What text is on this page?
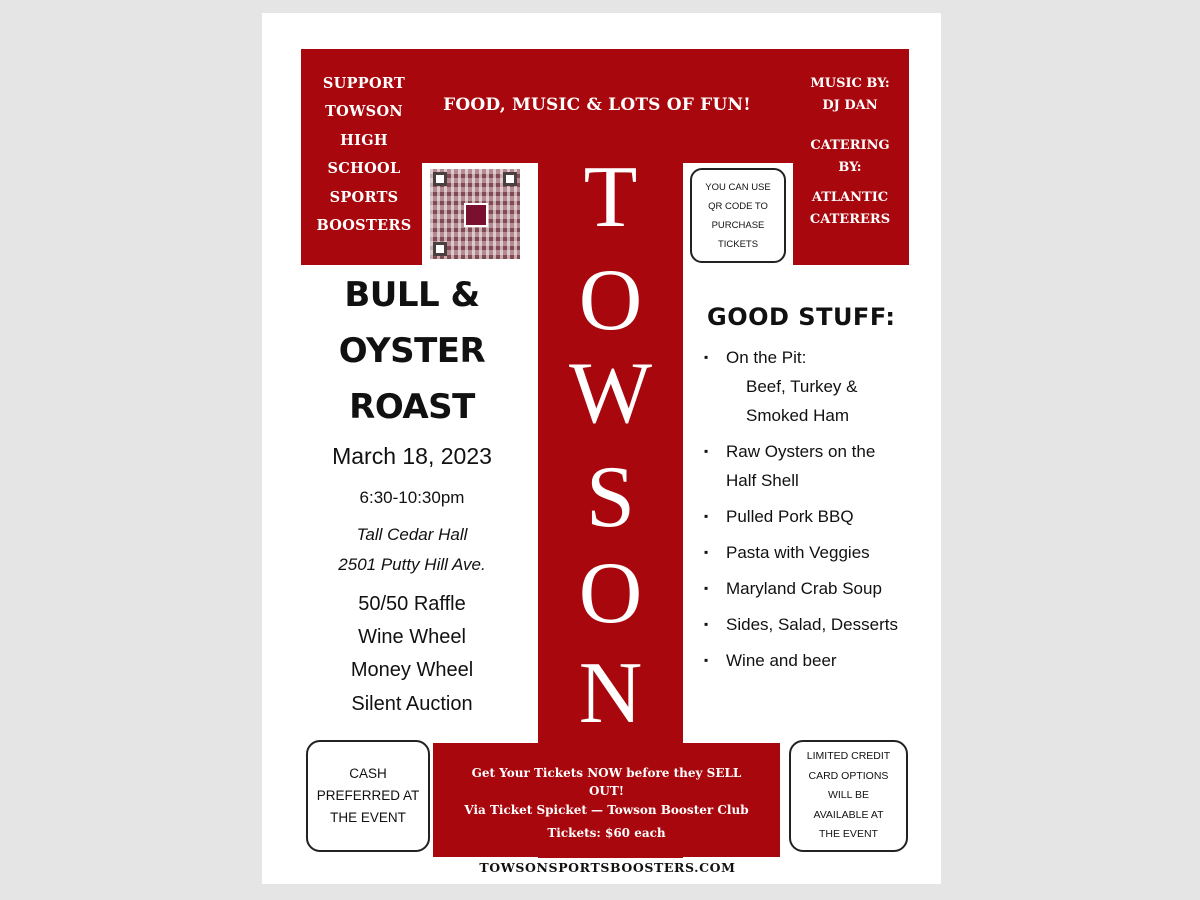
SUPPORT
TOWSON
HIGH
SCHOOL
SPORTS
BOOSTERS
FOOD, MUSIC & LOTS OF FUN!
MUSIC BY:
DJ DAN
CATERING
BY:
ATLANTIC
CATERERS
YOU CAN USE
QR CODE TO
PURCHASE
TICKETS
T
O
W
S
O
N
BULL &
OYSTER
ROAST
March 18, 2023
6:30-10:30pm
Tall Cedar Hall
2501 Putty Hill Ave.
50/50 Raffle
Wine Wheel
Money Wheel
Silent Auction
GOOD STUFF:
▪ On the Pit:
Beef, Turkey &
Smoked Ham
▪ Raw Oysters on the
Half Shell
▪ Pulled Pork BBQ
▪ Pasta with Veggies
▪ Maryland Crab Soup
▪ Sides, Salad, Desserts
▪ Wine and beer
CASH
PREFERRED AT
THE EVENT
LIMITED CREDIT
CARD OPTIONS
WILL BE
AVAILABLE AT
THE EVENT
Get Your Tickets NOW before they SELL
OUT!
Via Ticket Spicket — Towson Booster Club
Tickets: $60 each
TOWSONSPORTSBOOSTERS.COM
